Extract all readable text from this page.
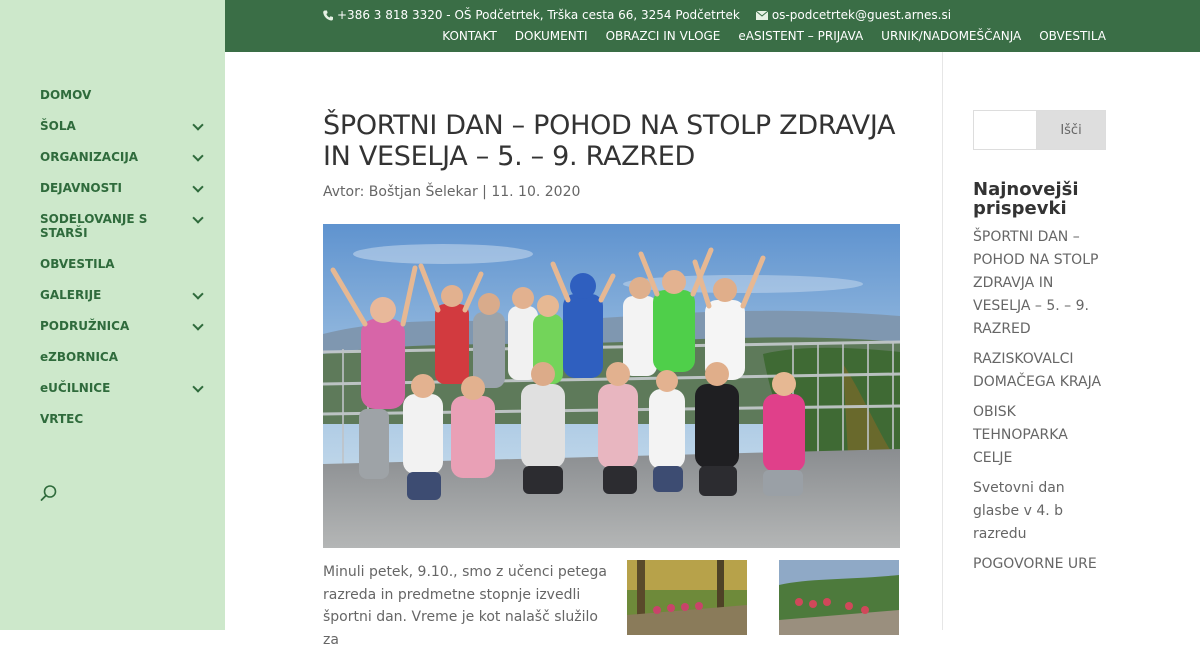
DOMOV
ŠOLA
ORGANIZACIJA
DEJAVNOSTI
SODELOVANJE S STARŠI
OBVESTILA
GALERIJE
PODRUŽNICA
eZBORNICA
eUČILNICE
VRTEC
+386 3 818 3320 - OŠ Podčetrtek, Trška cesta 66, 3254 Podčetrtek	os-podcetrtek@guest.arnes.si
KONTAKT DOKUMENTI OBRAZCI IN VLOGE eASISTENT – PRIJAVA URNIK/NADOMEŠČANJA OBVESTILA
ŠPORTNI DAN – POHOD NA STOLP ZDRAVJA IN VESELJA – 5. – 9. RAZRED

Avtor: Boštjan Šelekar | 11. 10. 2020

Minuli petek, 9.10., smo z učenci petega razreda in predmetne stopnje izvedli športni dan. Vreme je kot nalašč služilo za

Išči
Najnovejši prispevki
ŠPORTNI DAN – POHOD NA STOLP ZDRAVJA IN VESELJA – 5. – 9. RAZRED
RAZISKOVALCI DOMAČEGA KRAJA
OBISK TEHNOPARKA CELJE
Svetovni dan glasbe v 4. b razredu
POGOVORNE URE
